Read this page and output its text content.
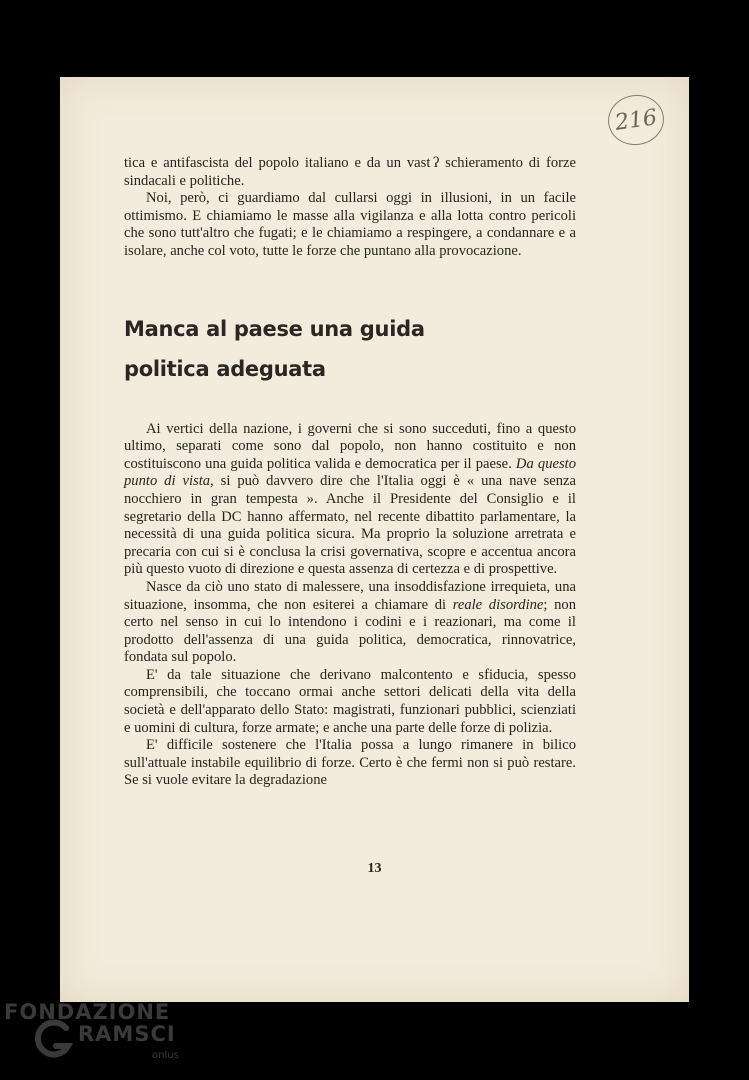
216

tica e antifascista del popolo italiano e da un vast  ʔ schieramento di forze sindacali e politiche.

Noi, però, ci guardiamo dal cullarsi oggi in illusioni, in un facile ottimismo. E chiamiamo le masse alla vigilanza e alla lotta contro pericoli che sono tutt'altro che fugati; e le chiamiamo a respingere, a condannare e a isolare, anche col voto, tutte le forze che puntano alla provocazione.

Manca al paese una guida
politica adeguata

Ai vertici della nazione, i governi che si sono succeduti, fino a questo ultimo, separati come sono dal popolo, non hanno costituito e non costituiscono una guida politica valida e democratica per il paese. Da questo punto di vista, si può davvero dire che l'Italia oggi è « una nave senza nocchiero in gran tempesta ». Anche il Presidente del Consiglio e il segretario della DC hanno affermato, nel recente dibattito parlamentare, la necessità di una guida politica sicura. Ma proprio la soluzione arretrata e precaria con cui si è conclusa la crisi governativa, scopre e accentua ancora più questo vuoto di direzione e questa assenza di certezza e di prospettive.

Nasce da ciò uno stato di malessere, una insoddisfazione irrequieta, una situazione, insomma, che non esiterei a chiamare di reale disordine; non certo nel senso in cui lo intendono i codini e i reazionari, ma come il prodotto dell'assenza di una guida politica, democratica, rinnovatrice, fondata sul popolo.

E' da tale situazione che derivano malcontento e sfiducia, spesso comprensibili, che toccano ormai anche settori delicati della vita della società e dell'apparato dello Stato: magistrati, funzionari pubblici, scienziati e uomini di cultura, forze armate; e anche una parte delle forze di polizia.

E' difficile sostenere che l'Italia possa a lungo rimanere in bilico sull'attuale instabile equilibrio di forze. Certo è che fermi non si può restare. Se si vuole evitare la degradazione

13
FONDAZIONE
RAMSCI
onlus
